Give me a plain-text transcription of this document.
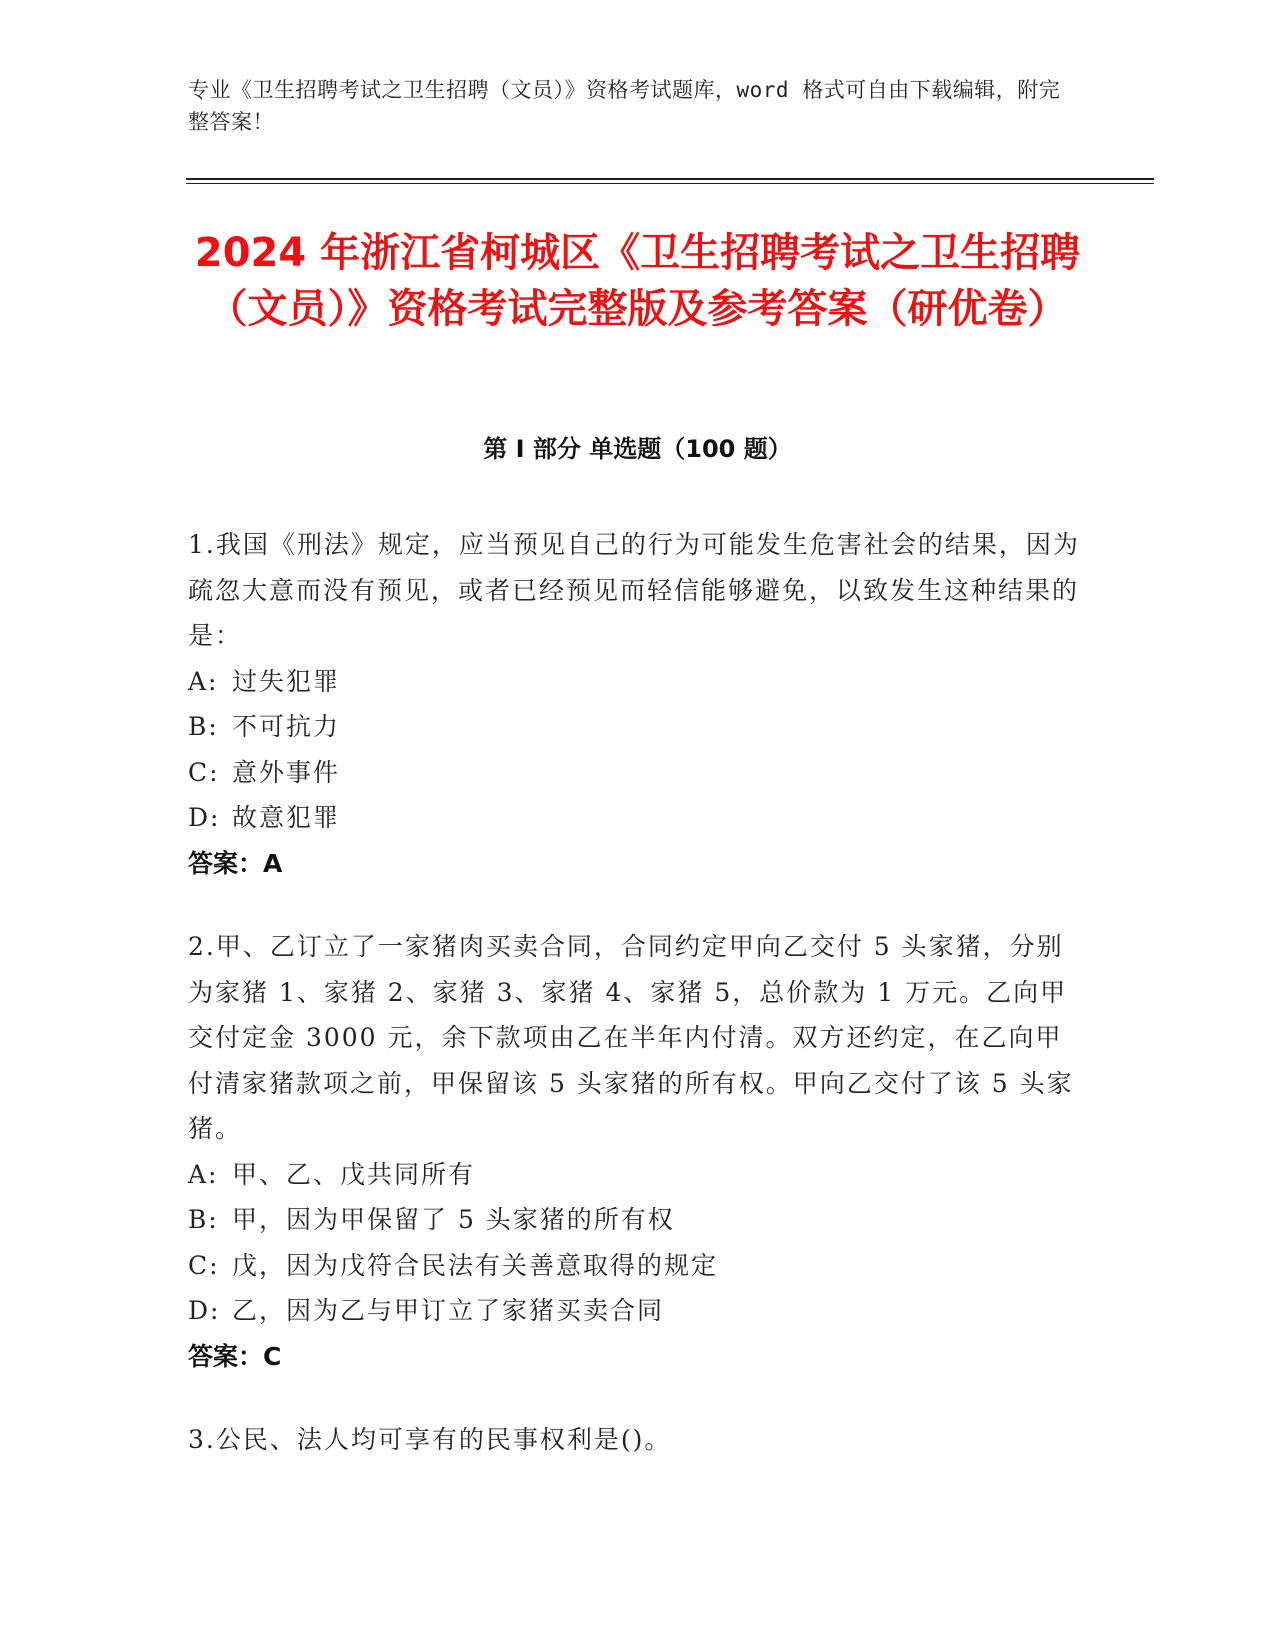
专业《卫生招聘考试之卫生招聘（文员）》资格考试题库，word 格式可自由下载编辑，附完整答案！
2024 年浙江省柯城区《卫生招聘考试之卫生招聘（文员）》资格考试完整版及参考答案（研优卷）
第 I 部分 单选题（100 题）

1.我国《刑法》规定，应当预见自己的行为可能发生危害社会的结果，因为疏忽大意而没有预见，或者已经预见而轻信能够避免，以致发生这种结果的是：

A: 过失犯罪

B: 不可抗力

C: 意外事件

D: 故意犯罪

答案：A

2.甲、乙订立了一家猪肉买卖合同，合同约定甲向乙交付 5 头家猪，分别为家猪 1、家猪 2、家猪 3、家猪 4、家猪 5，总价款为 1 万元。乙向甲交付定金 3000 元，余下款项由乙在半年内付清。双方还约定，在乙向甲付清家猪款项之前，甲保留该 5 头家猪的所有权。甲向乙交付了该 5 头家猪。

A: 甲、乙、戊共同所有

B: 甲，因为甲保留了 5 头家猪的所有权

C: 戊，因为戊符合民法有关善意取得的规定

D: 乙，因为乙与甲订立了家猪买卖合同

答案：C

3.公民、法人均可享有的民事权利是()。
